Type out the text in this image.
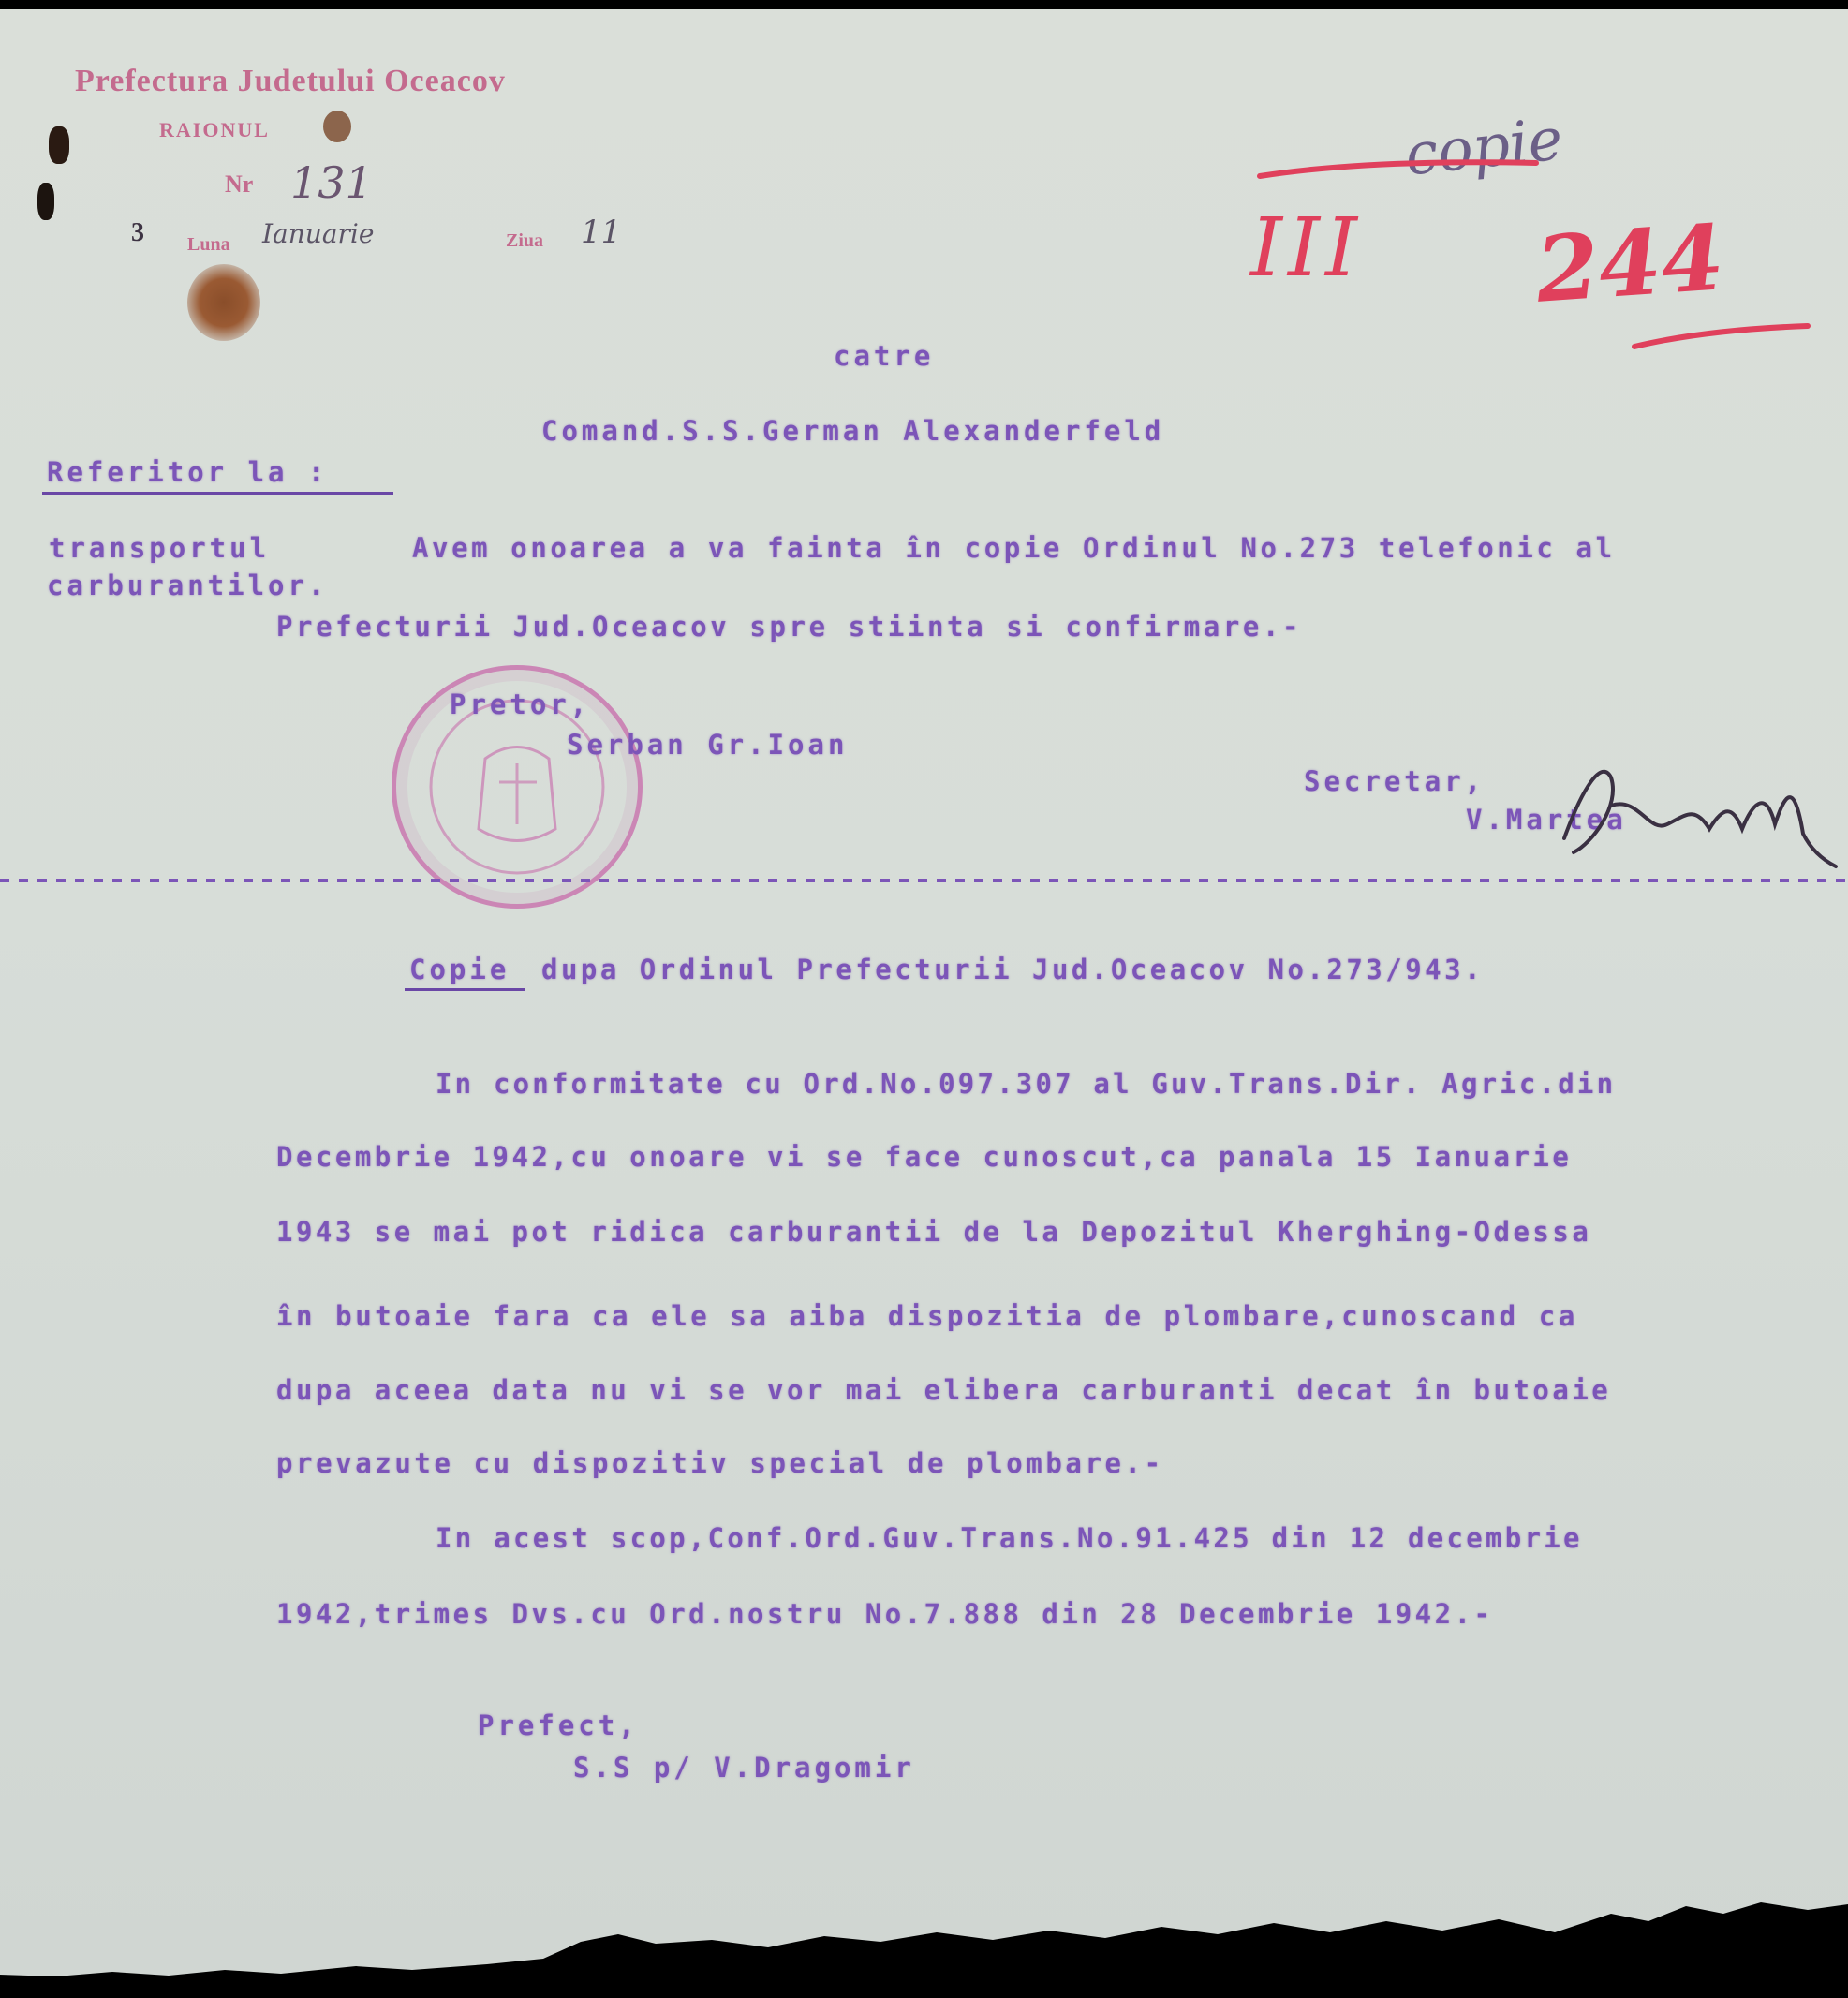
Prefectura Judetului Oceacov
RAIONUL
Nr 131
3 Luna Ianuarie	Ziua 11
copie
III 244
catre
Comand.S.S.German Alexanderfeld
Referitor la :
transportul
carburantilor.
Avem onoarea a va fainta în copie Ordinul No.273 telefonic al
Prefecturii Jud.Oceacov spre stiinta si confirmare.-
Pretor,
Serban Gr.Ioan
Secretar,
V.Martea
Copie dupa Ordinul Prefecturii Jud.Oceacov No.273/943.
In conformitate cu Ord.No.097.307 al Guv.Trans.Dir. Agric.din
Decembrie 1942,cu onoare vi se face cunoscut,ca panala 15 Ianuarie
1943 se mai pot ridica carburantii de la Depozitul Kherghing-Odessa
în butoaie fara ca ele sa aiba dispozitia de plombare,cunoscand ca
dupa aceea data nu vi se vor mai elibera carburanti decat în butoaie
prevazute cu dispozitiv special de plombare.-
In acest scop,Conf.Ord.Guv.Trans.No.91.425 din 12 decembrie
1942,trimes Dvs.cu Ord.nostru No.7.888 din 28 Decembrie 1942.-
Prefect,
S.S p/ V.Dragomir
